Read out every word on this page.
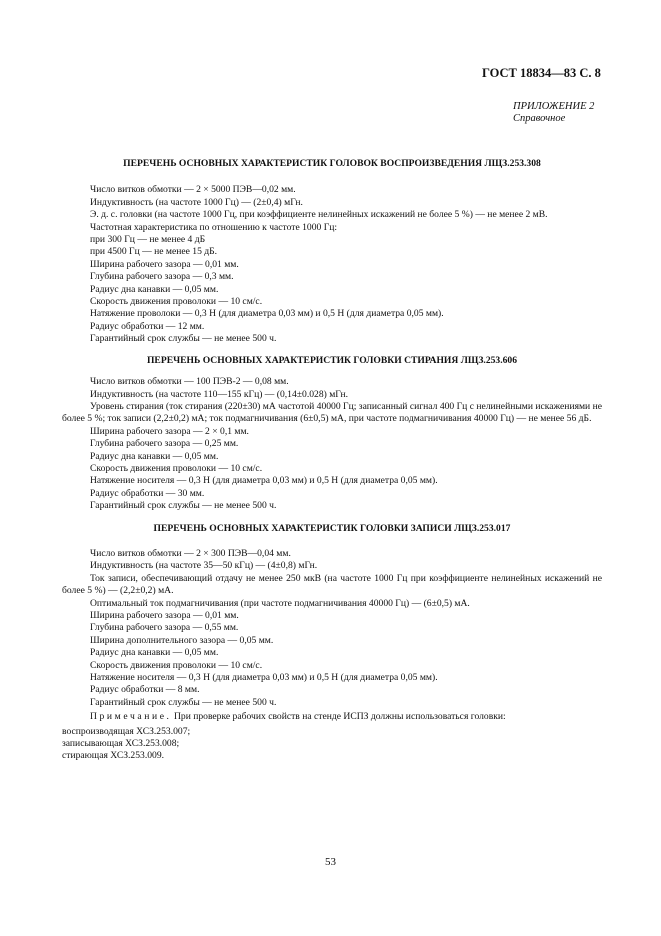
ГОСТ 18834—83 С. 8
ПРИЛОЖЕНИЕ 2
Справочное

ПЕРЕЧЕНЬ ОСНОВНЫХ ХАРАКТЕРИСТИК ГОЛОВОК ВОСПРОИЗВЕДЕНИЯ ЛЩЗ.253.308

Число витков обмотки — 2 × 5000 ПЭВ—0,02 мм.

Индуктивность (на частоте 1000 Гц) — (2±0,4) мГн.

Э. д. с. головки (на частоте 1000 Гц, при коэффициенте нелинейных искажений не более 5 %) — не менее 2 мВ.

Частотная характеристика по отношению к частоте 1000 Гц:

при 300 Гц — не менее 4 дБ

при 4500 Гц — не менее 15 дБ.

Ширина рабочего зазора — 0,01 мм.

Глубина рабочего зазора — 0,3 мм.

Радиус дна канавки — 0,05 мм.

Скорость движения проволоки — 10 см/с.

Натяжение проволоки — 0,3 Н (для диаметра 0,03 мм) и 0,5 Н (для диаметра 0,05 мм).

Радиус обработки — 12 мм.

Гарантийный срок службы — не менее 500 ч.

ПЕРЕЧЕНЬ ОСНОВНЫХ ХАРАКТЕРИСТИК ГОЛОВКИ СТИРАНИЯ ЛЩЗ.253.606

Число витков обмотки — 100 ПЭВ-2 — 0,08 мм.

Индуктивность (на частоте 110—155 кГц) — (0,14±0.028) мГн.

Уровень стирания (ток стирания (220±30) мА частотой 40000 Гц; записанный сигнал 400 Гц с нелинейными искажениями не более 5 %; ток записи (2,2±0,2) мА; ток подмагничивания (6±0,5) мА, при частоте подмагничивания 40000 Гц) — не менее 56 дБ.

Ширина рабочего зазора — 2 × 0,1 мм.

Глубина рабочего зазора — 0,25 мм.

Радиус дна канавки — 0,05 мм.

Скорость движения проволоки — 10 см/с.

Натяжение носителя — 0,3 Н (для диаметра 0,03 мм) и 0,5 Н (для диаметра 0,05 мм).

Радиус обработки — 30 мм.

Гарантийный срок службы — не менее 500 ч.

ПЕРЕЧЕНЬ ОСНОВНЫХ ХАРАКТЕРИСТИК ГОЛОВКИ ЗАПИСИ ЛЩЗ.253.017

Число витков обмотки — 2 × 300 ПЭВ—0,04 мм.

Индуктивность (на частоте 35—50 кГц) — (4±0,8) мГн.

Ток записи, обеспечивающий отдачу не менее 250 мкВ (на частоте 1000 Гц при коэффициенте нелинейных искажений не более 5 %) — (2,2±0,2) мА.

Оптимальный ток подмагничивания (при частоте подмагничивания 40000 Гц) — (6±0,5) мА.

Ширина рабочего зазора — 0,01 мм.

Глубина рабочего зазора — 0,55 мм.

Ширина дополнительного зазора — 0,05 мм.

Радиус дна канавки — 0,05 мм.

Скорость движения проволоки — 10 см/с.

Натяжение носителя — 0,3 Н (для диаметра 0,03 мм) и 0,5 Н (для диаметра 0,05 мм).

Радиус обработки — 8 мм.

Гарантийный срок службы — не менее 500 ч.

Примечание. При проверке рабочих свойств на стенде ИСПЗ должны использоваться головки:

воспроизводящая ХСЗ.253.007;

записывающая ХСЗ.253.008;

стирающая ХСЗ.253.009.

53
